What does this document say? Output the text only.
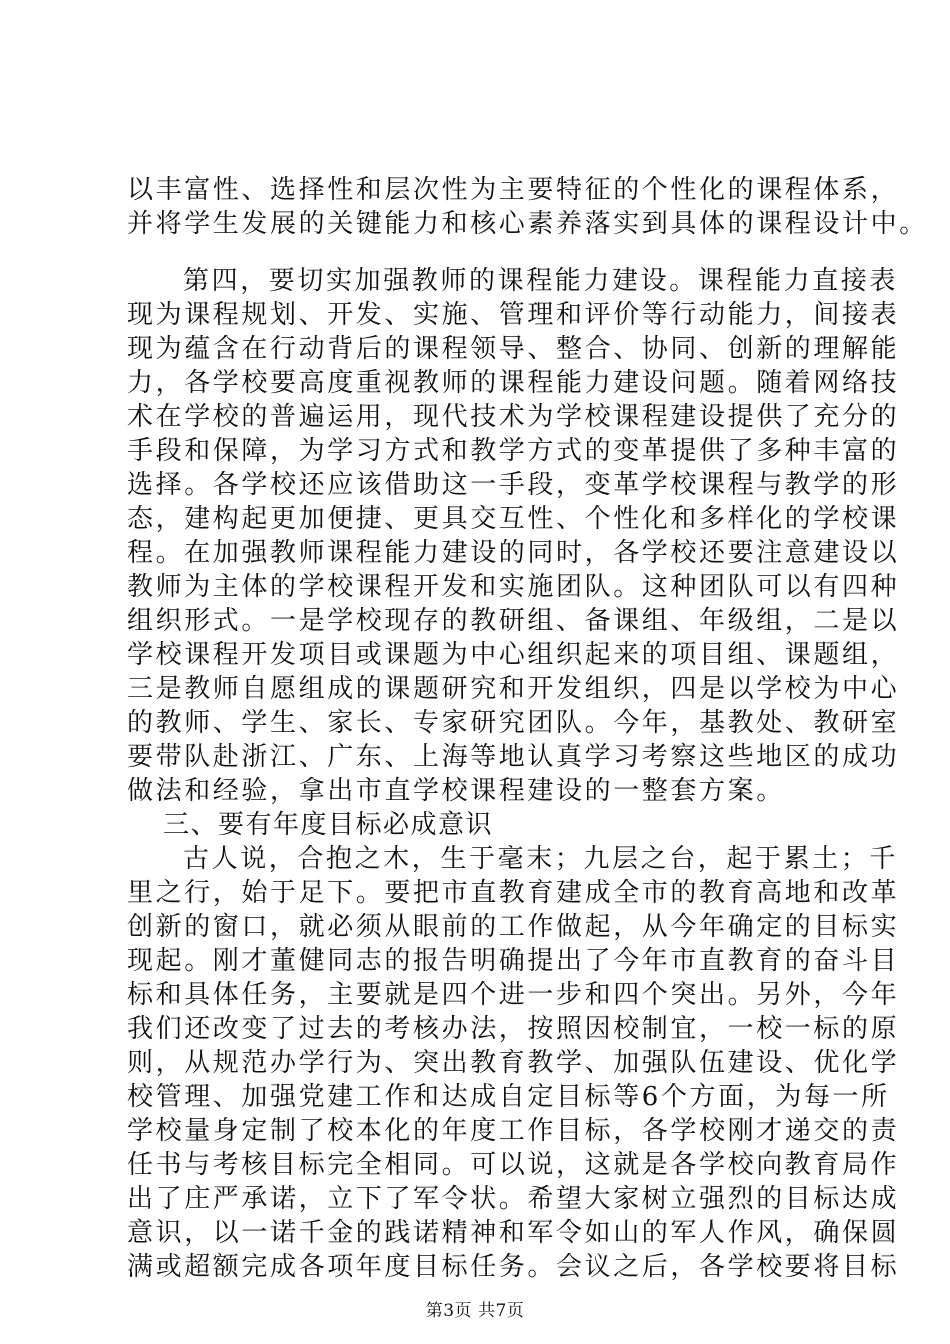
以丰富性、选择性和层次性为主要特征的个性化的课程体系，
并将学生发展的关键能力和核心素养落实到具体的课程设计中。
第四，要切实加强教师的课程能力建设。课程能力直接表
现为课程规划、开发、实施、管理和评价等行动能力，间接表
现为蕴含在行动背后的课程领导、整合、协同、创新的理解能
力，各学校要高度重视教师的课程能力建设问题。随着网络技
术在学校的普遍运用，现代技术为学校课程建设提供了充分的
手段和保障，为学习方式和教学方式的变革提供了多种丰富的
选择。各学校还应该借助这一手段，变革学校课程与教学的形
态，建构起更加便捷、更具交互性、个性化和多样化的学校课
程。在加强教师课程能力建设的同时，各学校还要注意建设以
教师为主体的学校课程开发和实施团队。这种团队可以有四种
组织形式。一是学校现存的教研组、备课组、年级组，二是以
学校课程开发项目或课题为中心组织起来的项目组、课题组，
三是教师自愿组成的课题研究和开发组织，四是以学校为中心
的教师、学生、家长、专家研究团队。今年，基教处、教研室
要带队赴浙江、广东、上海等地认真学习考察这些地区的成功
做法和经验，拿出市直学校课程建设的一整套方案。
三、要有年度目标必成意识
古人说，合抱之木，生于毫末；九层之台，起于累土；千
里之行，始于足下。要把市直教育建成全市的教育高地和改革
创新的窗口，就必须从眼前的工作做起，从今年确定的目标实
现起。刚才董健同志的报告明确提出了今年市直教育的奋斗目
标和具体任务，主要就是四个进一步和四个突出。另外，今年
我们还改变了过去的考核办法，按照因校制宜，一校一标的原
则，从规范办学行为、突出教育教学、加强队伍建设、优化学
校管理、加强党建工作和达成自定目标等6个方面，为每一所
学校量身定制了校本化的年度工作目标，各学校刚才递交的责
任书与考核目标完全相同。可以说，这就是各学校向教育局作
出了庄严承诺，立下了军令状。希望大家树立强烈的目标达成
意识，以一诺千金的践诺精神和军令如山的军人作风，确保圆
第3页 共7页
满或超额完成各项年度目标任务。会议之后，各学校要将目标
